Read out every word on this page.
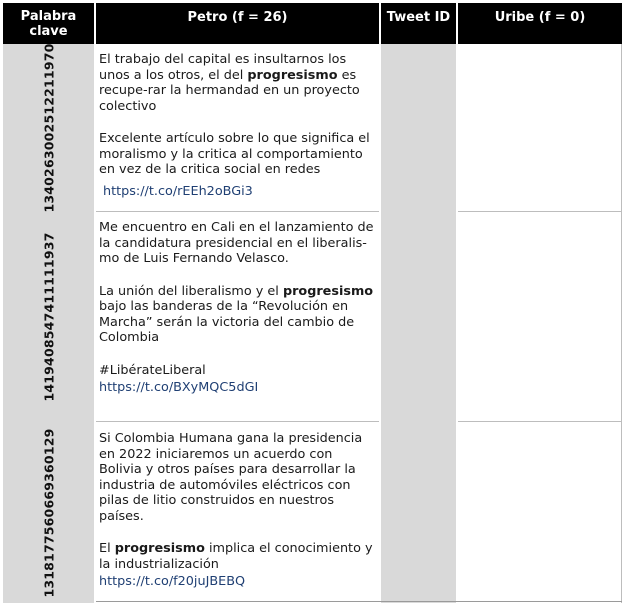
Palabra
clave
Petro (f = 26)	Tweet ID	Uribe (f = 0)
1340263002512211970
1419408547411111937
1318177560669360129

El trabajo del capital es insultarnos los unos a los otros, el del progresismo es recupe-rar la hermandad en un proyecto colectivo

Excelente artículo sobre lo que significa el moralismo y la critica al comportamiento en vez de la critica social en redes

https://t.co/rEEh2oBGi3

Me encuentro en Cali en el lanzamiento de la candidatura presidencial en el liberalis-mo de Luis Fernando Velasco.

La unión del liberalismo y el progresismo bajo las banderas de la “Revolución en Marcha” serán la victoria del cambio de Colombia

#LibérateLiberal

https://t.co/BXyMQC5dGI

Si Colombia Humana gana la presidencia en 2022 iniciaremos un acuerdo con Bolivia y otros países para desarrollar la industria de automóviles eléctricos con pilas de litio construidos en nuestros países.

El progresismo implica el conocimiento y la industrialización

https://t.co/f20juJBEBQ
